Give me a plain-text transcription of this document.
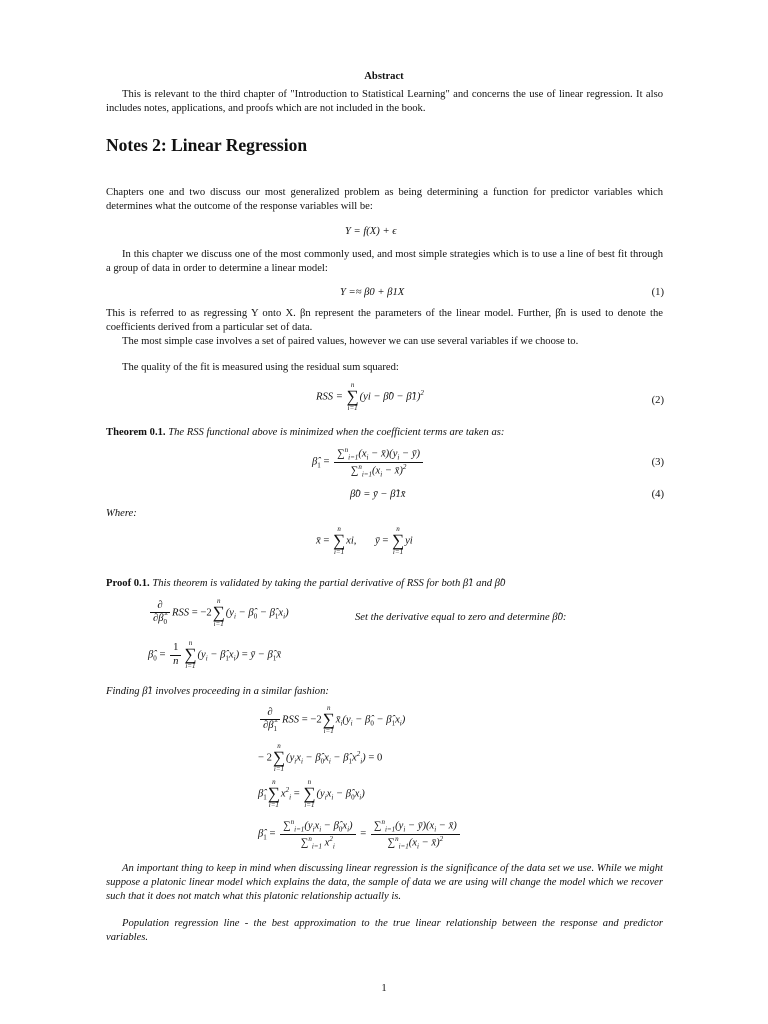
Abstract

This is relevant to the third chapter of "Introduction to Statistical Learning" and concerns the use of linear regression. It also includes notes, applications, and proofs which are not included in the book.

Notes 2: Linear Regression

Chapters one and two discuss our most generalized problem as being determining a function for predictor variables which determines what the outcome of the response variables will be:

Y = f(X) + ϵ

In this chapter we discuss one of the most commonly used, and most simple strategies which is to use a line of best fit through a group of data in order to determine a linear model:

Y =≈ β0 + β1X	(1)

This is referred to as regressing Y onto X. βn represent the parameters of the linear model. Further, β̂n is used to denote the coefficients derived from a particular set of data.

The most simple case involves a set of paired values, however we can use several variables if we choose to.

The quality of the fit is measured using the residual sum squared:

RSS =
n
∑
i=1
(yi − β̂0 − β̂1)$^2$
(2)

Theorem 0.1. The RSS functional above is minimized when the coefficient terms are taken as:

$\betâ_1 = \frac{\sum^n_{i=1}(x_i - x̄)(y_i - ȳ)}{\sum^n_{i=1}(x_i - x̄)^2}$	(3)
β̂0 = ȳ − β̂1x̄	(4)
Where:
x̄ =
n
∑
i=1
xi,       ȳ =
n
∑
i=1
yi

Proof 0.1. This theorem is validated by taking the partial derivative of RSS for both β̂1 and β̂0

$\frac{\partial}{\partial\betâ_0}$ RSS = −2
n
∑
i=1
($y_i$ − $\betâ_0$ − $\betâ_1x_i$)	Set the derivative equal to zero and determine β̂0:
$\betâ_0 = \frac{1}{n}$	n
∑
i=1
($y_i$ − $\betâ_1x_i$) = ȳ − $\betâ_1x̄$
Finding β̂1 involves proceeding in a similar fashion:
$\frac{\partial}{\partial\betâ_1}$ RSS = −2
n
∑
i=1
$x̄_i(y_i$ − $\betâ_0$ − $\betâ_1x_i$)
− 2
n
∑
i=1
($y_ix_i$ − $\betâ_0x_i$ − $\betâ_1x^2_i) = 0$
$\betâ_1$
n
∑
i=1
$x^2_i$ =
n
∑
i=1
($y_ix_i$ − $\betâ_0x_i$)
$\betâ_1 = \frac{\sum^n_{i=1}(y_ix_i - \betâ_0x_i)}{\sum^n_{i=1} x^2_i} = \frac{\sum^n_{i=1}(y_i - ȳ)(x_i - x̄)}{\sum^n_{i=1}(x_i - x̄)^2}$

An important thing to keep in mind when discussing linear regression is the significance of the data set we use. While we might suppose a platonic linear model which explains the data, the sample of data we are using will change the model which we recover such that it does not match what this platonic relationship actually is.

Population regression line - the best approximation to the true linear relationship between the response and predictor variables.

1
